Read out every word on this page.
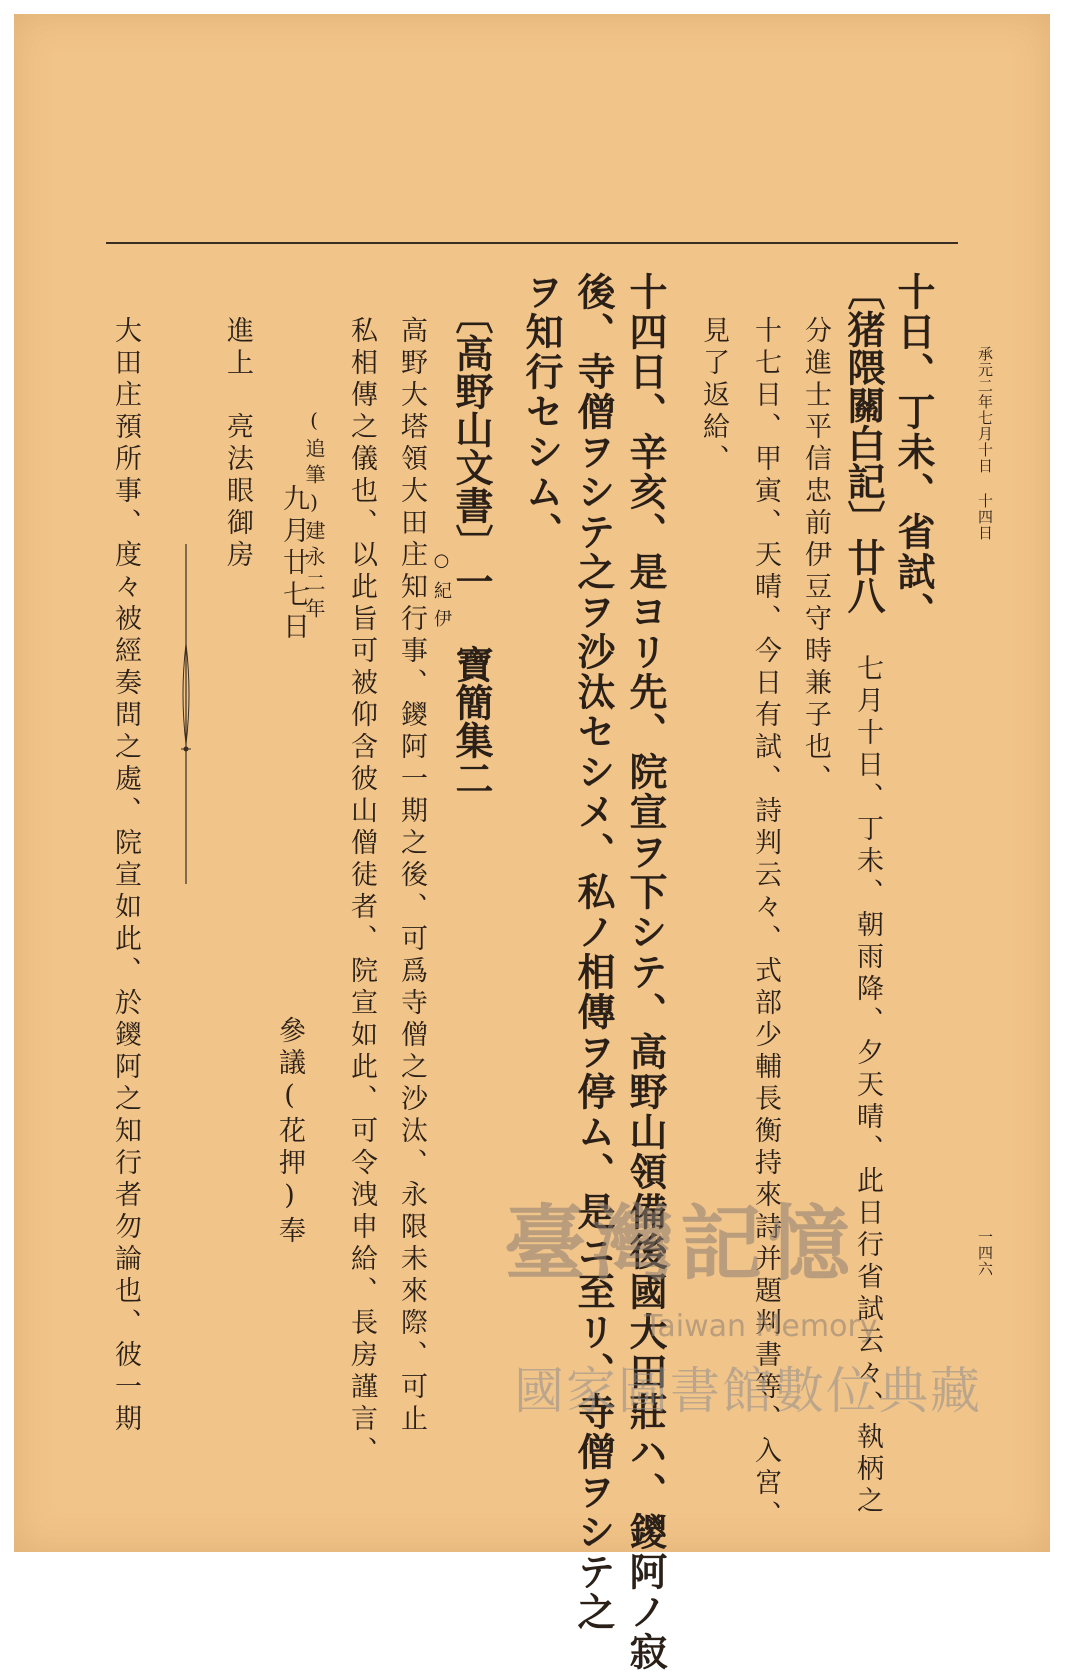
承元二年七月十日 十四日
一四六
十日、丁未、省試、
〔猪隈關白記〕廿八
七月十日、丁未、朝雨降、夕天晴、此日行省試云々、執柄之
分進士平信忠前伊豆守時兼子也、
十七日、甲寅、天晴、今日有試、詩判云々、式部少輔長衡持來詩并題判書等、入宮、
見了返給、
十四日、辛亥、是ヨリ先、院宣ヲ下シテ、高野山領備後國大田莊ハ、鑁阿ノ寂
後、寺僧ヲシテ之ヲ沙汰セシメ、私ノ相傳ヲ停ム、是ニ至リ、寺僧ヲシテ之
ヲ知行セシム、
〔高野山文書〕一 寶簡集二
○紀伊
高野大塔領大田庄知行事、鑁阿一期之後、可爲寺僧之沙汰、永限未來際、可止
私相傳之儀也、以此旨可被仰含彼山僧徒者、院宣如此、可令洩申給、長房謹言、
(追筆)建永二年
九月廿七日
參議(花押)奉
進上　亮法眼御房
大田庄預所事、度々被經奏問之處、院宣如此、於鑁阿之知行者勿論也、彼一期	臺灣記憶
Taiwan Memory
國家圖書館數位典藏
